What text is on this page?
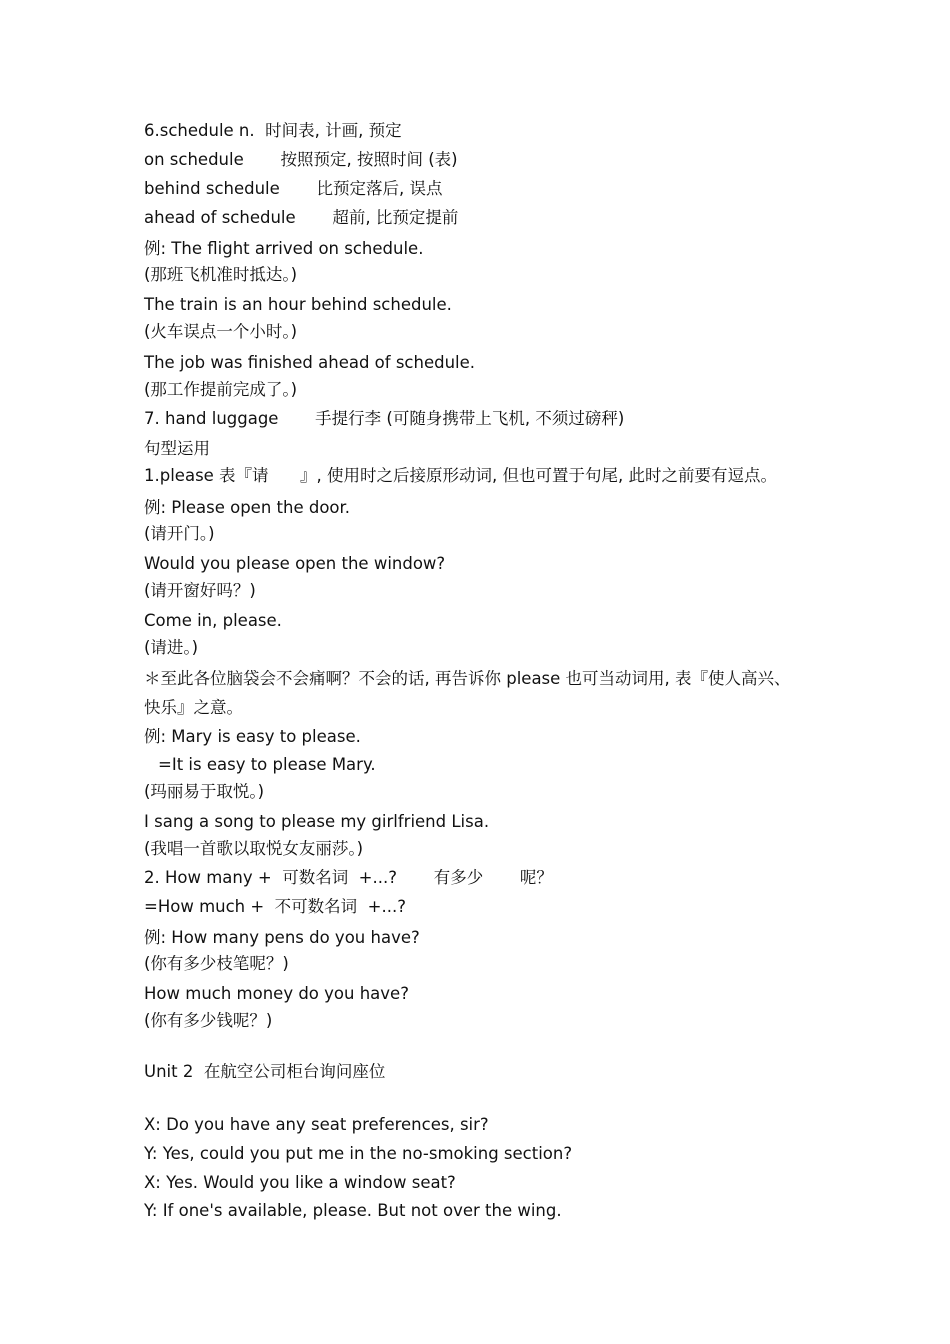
6.schedule n.  时间表, 计画, 预定
on schedule       按照预定, 按照时间 (表)
behind schedule       比预定落后, 误点
ahead of schedule       超前, 比预定提前
例: The flight arrived on schedule.
(那班飞机准时抵达。)
The train is an hour behind schedule.
(火车误点一个小时。)
The job was finished ahead of schedule.
(那工作提前完成了。)
7. hand luggage       手提行李 (可随身携带上飞机, 不须过磅秤)
句型运用
1.please 表『请      』, 使用时之后接原形动词, 但也可置于句尾, 此时之前要有逗点。
例: Please open the door.
(请开门。)
Would you please open the window?
(请开窗好吗？)
Come in, please.
(请进。)
＊至此各位脑袋会不会痛啊？不会的话, 再告诉你 please 也可当动词用, 表『使人高兴、
快乐』之意。
例: Mary is easy to please.
=It is easy to please Mary.
(玛丽易于取悦。)
I sang a song to please my girlfriend Lisa.
(我唱一首歌以取悦女友丽莎。)
2. How many +  可数名词  +...?       有多少       呢？
=How much +  不可数名词  +...?
例: How many pens do you have?
(你有多少枝笔呢？)
How much money do you have?
(你有多少钱呢？)
Unit 2  在航空公司柜台询问座位
X: Do you have any seat preferences, sir?
Y: Yes, could you put me in the no-smoking section?
X: Yes. Would you like a window seat?
Y: If one's available, please. But not over the wing.
